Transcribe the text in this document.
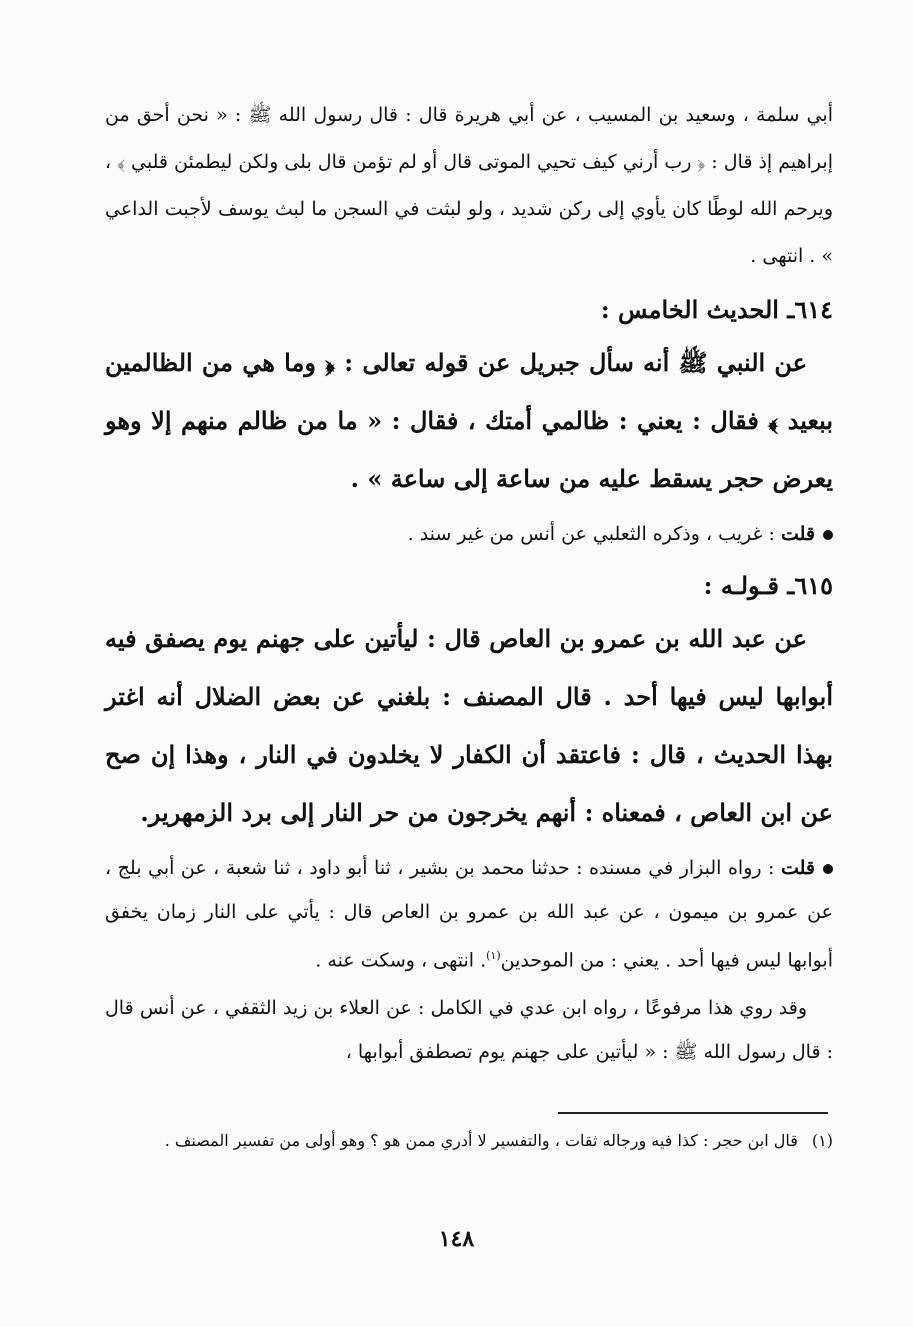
أبي سلمة ، وسعيد بن المسيب ، عن أبي هريرة قال : قال رسول الله ﷺ : « نحن أحق من إبراهيم إذ قال : ﴿ رب أرني كيف تحيي الموتى قال أو لم تؤمن قال بلى ولكن ليطمئن قلبي ﴾ ، ويرحم الله لوطًا كان يأوي إلى ركن شديد ، ولو لبثت في السجن ما لبث يوسف لأجبت الداعي » . انتهى .

٦١٤ـ الحديث الخامس :

عن النبي ﷺ أنه سأل جبريل عن قوله تعالى : ﴿ وما هي من الظالمين ببعيد ﴾ فقال : يعني : ظالمي أمتك ، فقال : « ما من ظالم منهم إلا وهو يعرض حجر يسقط عليه من ساعة إلى ساعة » .

قلت : غريب ، وذكره الثعلبي عن أنس من غير سند .

٦١٥ـ قـولـه :

عن عبد الله بن عمرو بن العاص قال : ليأتين على جهنم يوم يصفق فيه أبوابها ليس فيها أحد . قال المصنف : بلغني عن بعض الضلال أنه اغتر بهذا الحديث ، قال : فاعتقد أن الكفار لا يخلدون في النار ، وهذا إن صح عن ابن العاص ، فمعناه : أنهم يخرجون من حر النار إلى برد الزمهرير.

قلت : رواه البزار في مسنده : حدثنا محمد بن بشير ، ثنا أبو داود ، ثنا شعبة ، عن أبي بلج ، عن عمرو بن ميمون ، عن عبد الله بن عمرو بن العاص قال : يأتي على النار زمان يخفق أبوابها ليس فيها أحد . يعني : من الموحدين$^{(١)}$. انتهى ، وسكت عنه .

وقد روي هذا مرفوعًا ، رواه ابن عدي في الكامل : عن العلاء بن زيد الثقفي ، عن أنس قال : قال رسول الله ﷺ : « ليأتين على جهنم يوم تصطفق أبوابها ،

(١)قال ابن حجر : كذا فيه ورجاله ثقات ، والتفسير لا أدري ممن هو ؟ وهو أولى من تفسير المصنف .
١٤٨
